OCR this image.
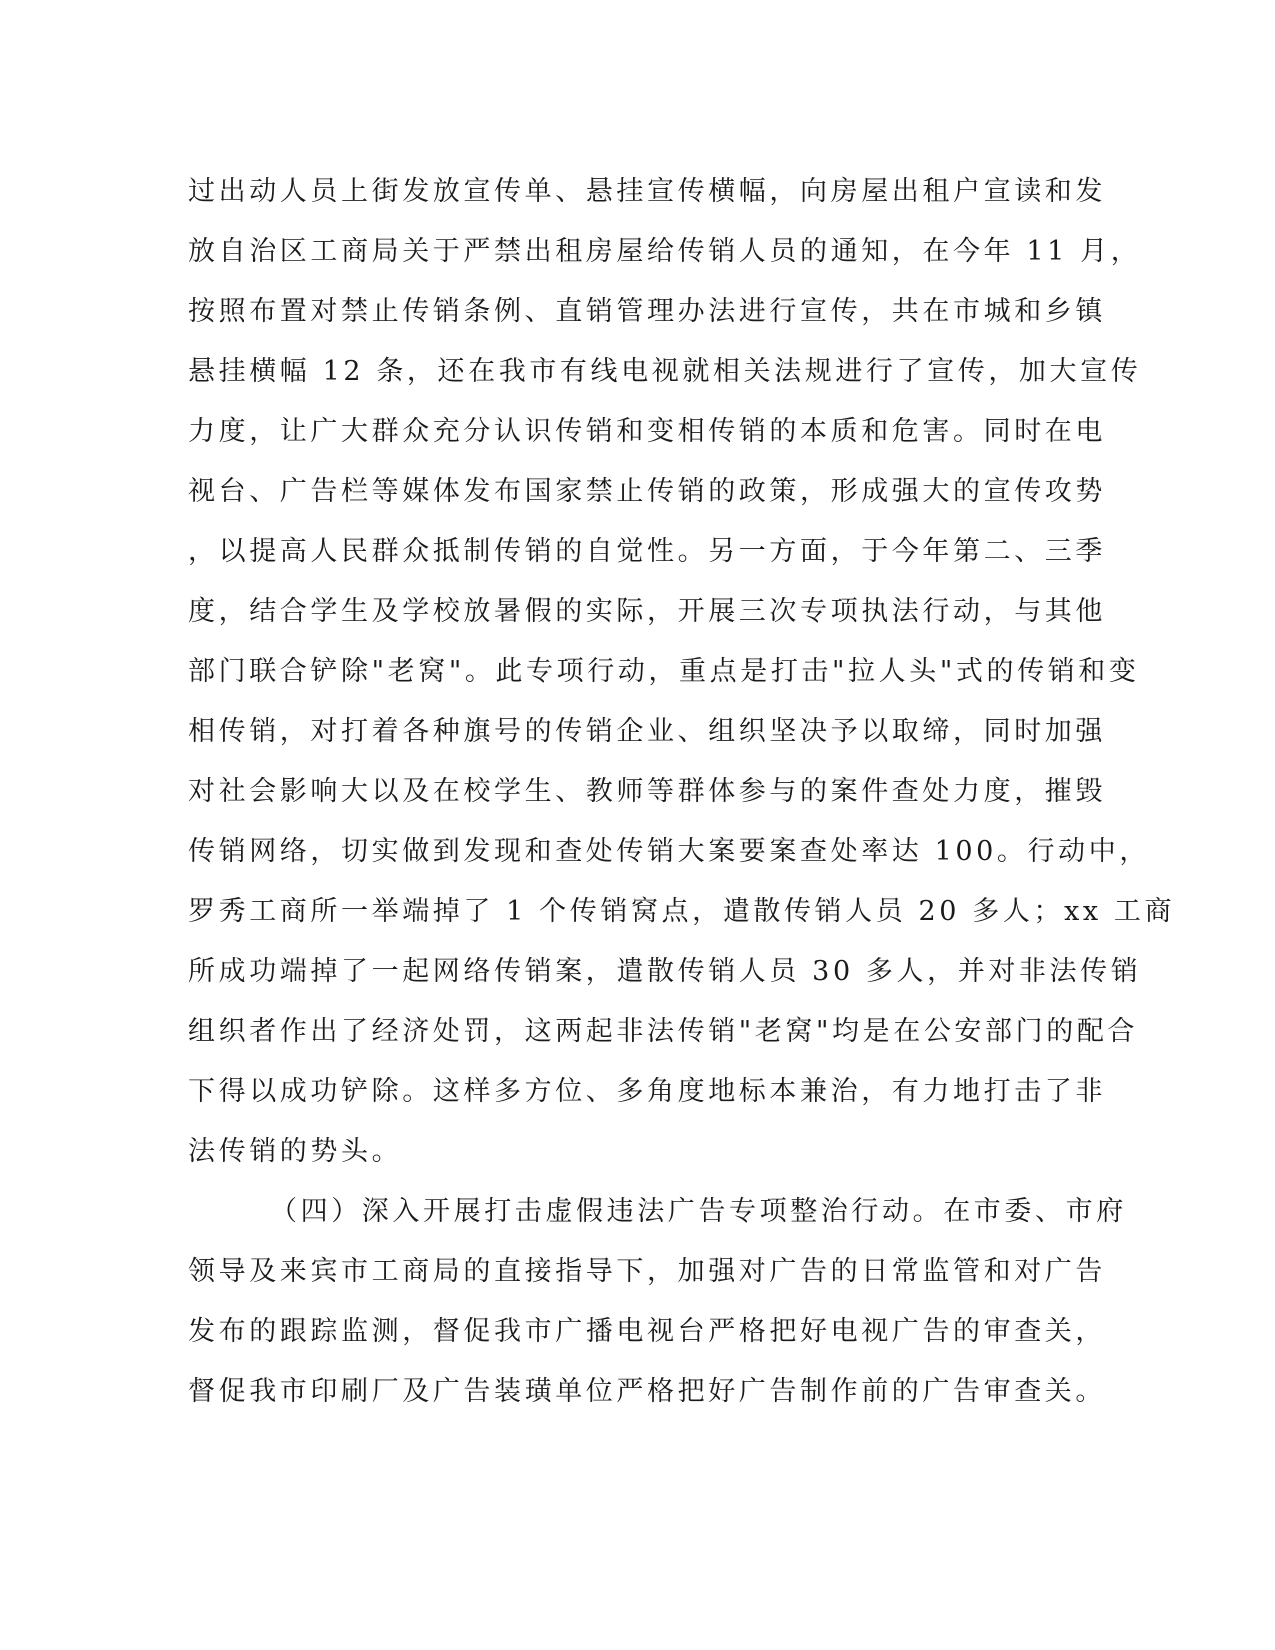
过出动人员上街发放宣传单、悬挂宣传横幅，向房屋出租户宣读和发
放自治区工商局关于严禁出租房屋给传销人员的通知，在今年 11 月，
按照布置对禁止传销条例、直销管理办法进行宣传，共在市城和乡镇
悬挂横幅 12 条，还在我市有线电视就相关法规进行了宣传，加大宣传
力度，让广大群众充分认识传销和变相传销的本质和危害。同时在电
视台、广告栏等媒体发布国家禁止传销的政策，形成强大的宣传攻势
，以提高人民群众抵制传销的自觉性。另一方面，于今年第二、三季
度，结合学生及学校放暑假的实际，开展三次专项执法行动，与其他
部门联合铲除"老窝"。此专项行动，重点是打击"拉人头"式的传销和变
相传销，对打着各种旗号的传销企业、组织坚决予以取缔，同时加强
对社会影响大以及在校学生、教师等群体参与的案件查处力度，摧毁
传销网络，切实做到发现和查处传销大案要案查处率达 100。行动中，
罗秀工商所一举端掉了 1 个传销窝点，遣散传销人员 20 多人；xx 工商
所成功端掉了一起网络传销案，遣散传销人员 30 多人，并对非法传销
组织者作出了经济处罚，这两起非法传销"老窝"均是在公安部门的配合
下得以成功铲除。这样多方位、多角度地标本兼治，有力地打击了非
法传销的势头。
（四）深入开展打击虚假违法广告专项整治行动。在市委、市府
领导及来宾市工商局的直接指导下，加强对广告的日常监管和对广告
发布的跟踪监测，督促我市广播电视台严格把好电视广告的审查关，
督促我市印刷厂及广告装璜单位严格把好广告制作前的广告审查关。
